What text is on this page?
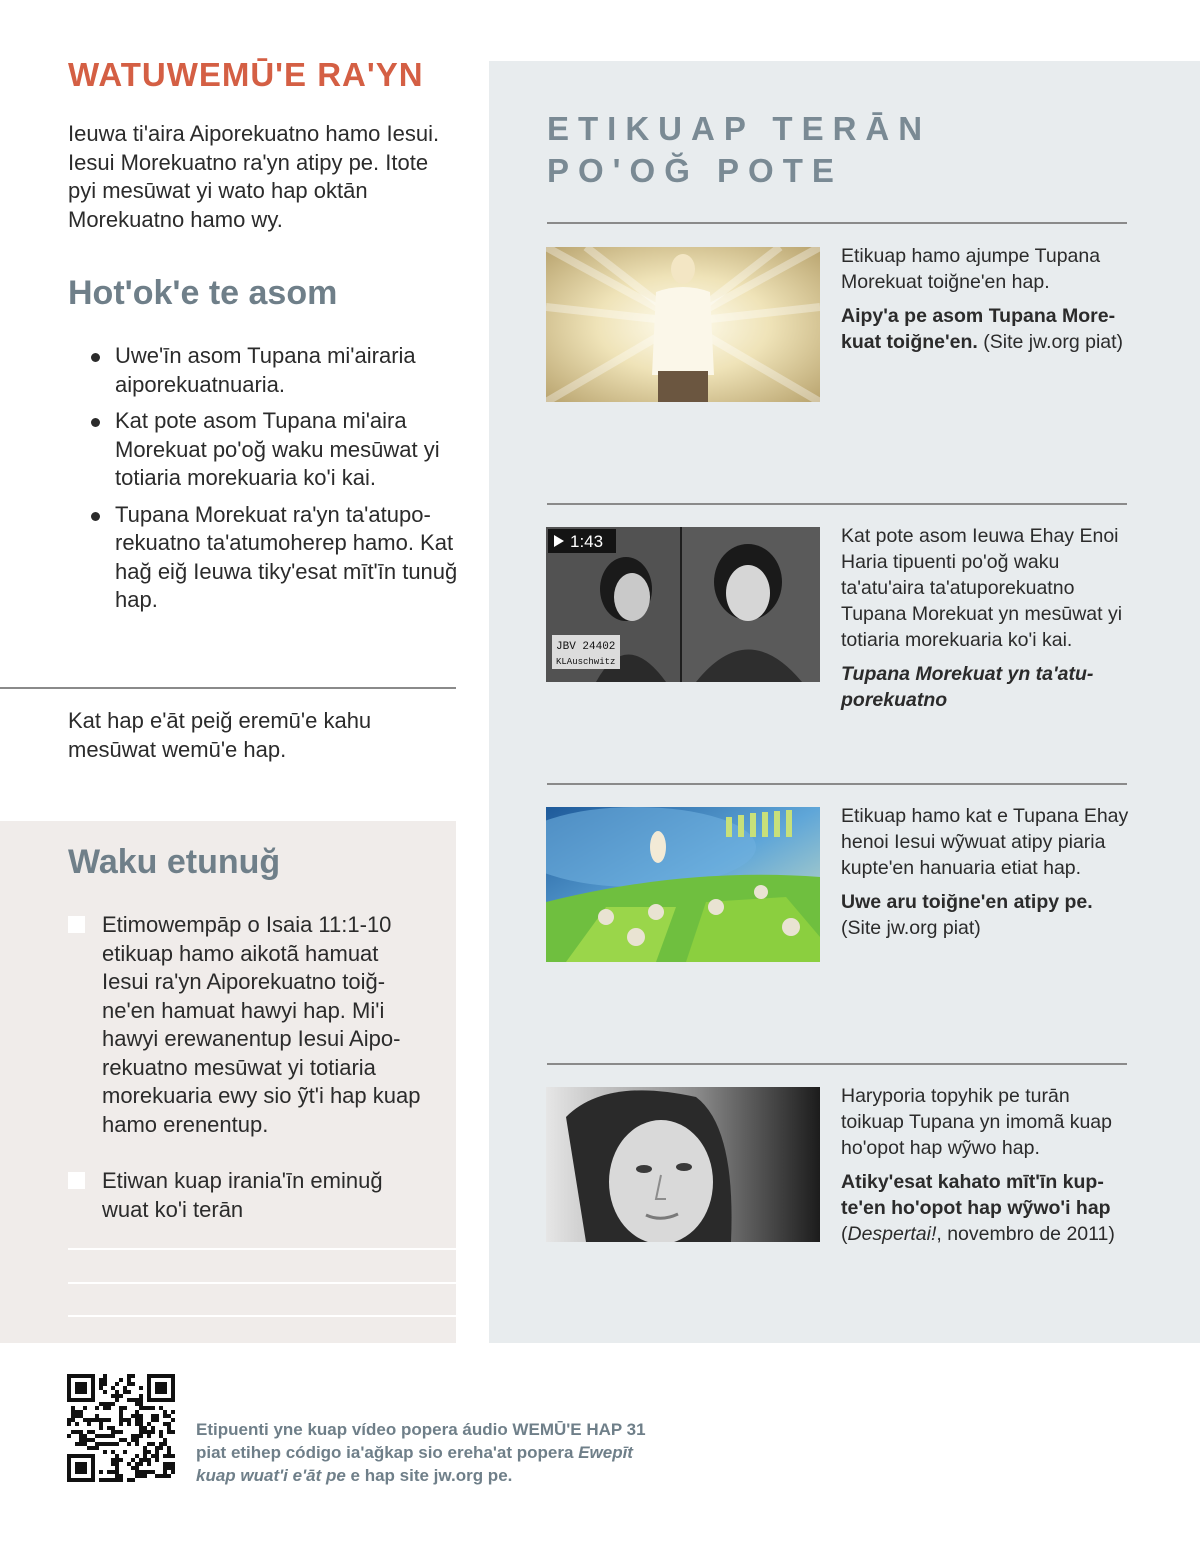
WATUWEMŪ'E RA'YN

Ieuwa ti'aira Aiporekuatno hamo Iesui. Iesui Morekuatno ra'yn atipy pe. Itote pyi mesūwat yi wato hap oktān Morekuatno hamo wy.

Hot'ok'e te asom
Uwe'īn asom Tupana mi'airaria aiporekuatnuaria.
Kat pote asom Tupana mi'aira Morekuat po'oğ waku mesūwat yi totiaria morekuaria ko'i kai.
Tupana Morekuat ra'yn ta'atuporekuatno ta'atumoherep hamo. Kat hağ eiğ Ieuwa tiky'esat mīt'īn tunuğ hap.

Kat hap e'āt peiğ eremū'e kahu mesūwat wemū'e hap.

Waku etunuğ
Etimowempāp o Isaia 11:1-10 etikuap hamo aikotã hamuat Iesui ra'yn Aiporekuatno toiğne'en hamuat hawyi hap. Mi'i hawyi erewanentup Iesui Aiporekuatno mesūwat yi totiaria morekuaria ewy sio ỹt'i hap kuap hamo erenentup.
Etiwan kuap irania'īn eminuğ wuat ko'i terān
ETIKUAP TERĀN
PO'OĞ POTE

Etikuap hamo ajumpe Tupana Morekuat toiğne'en hap.

Aipy'a pe asom Tupana Morekuat toiğne'en. (Site jw.org piat)

JBV 24402
KLAuschwitz
1:43	Kat pote asom Ieuwa Ehay Enoi Haria tipuenti po'oğ waku ta'atu'aira ta'atuporekuatno Tupana Morekuat yn mesūwat yi totiaria morekuaria ko'i kai.

Tupana Morekuat yn ta'atuporekuatno

Etikuap hamo kat e Tupana Ehay henoi Iesui wỹwuat atipy piaria kupte'en hanuaria etiat hap.

Uwe aru toiğne'en atipy pe.
(Site jw.org piat)

Haryporia topyhik pe turān toikuap Tupana yn imomã kuap ho'opot hap wỹwo hap.

Atiky'esat kahato mīt'īn kupte'en ho'opot hap wỹwo'i hap
(Despertai!, novembro de 2011)

Etipuenti yne kuap vídeo popera áudio WEMŪ'E HAP 31 piat etihep código ia'ağkap sio ereha'at popera Ewepīt kuap wuat'i e'āt pe e hap site jw.org pe.
